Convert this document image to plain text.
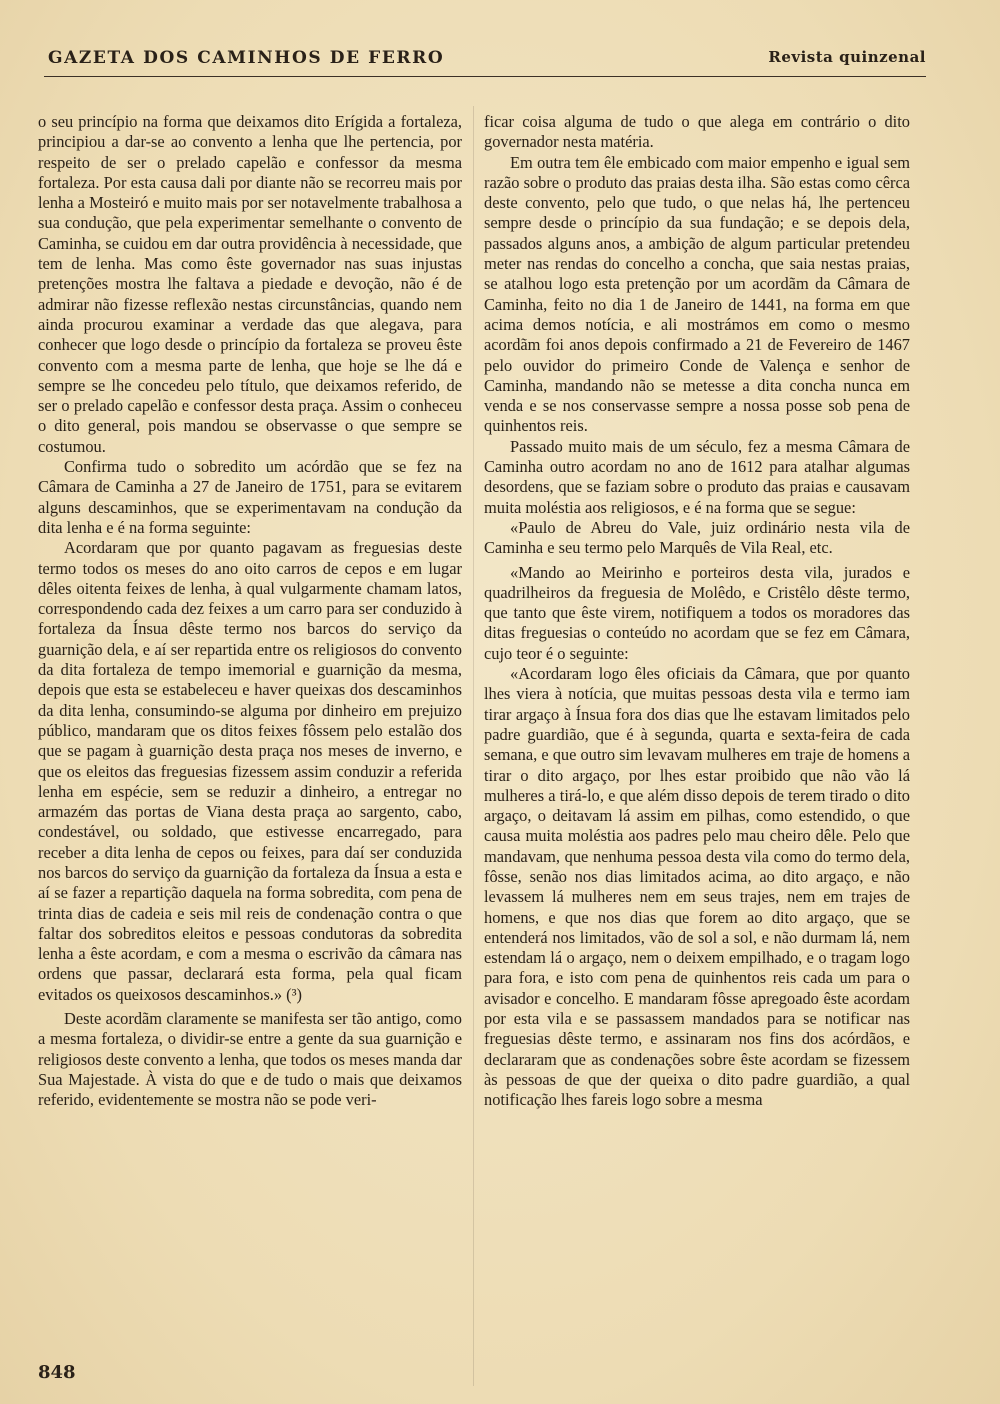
GAZETA DOS CAMINHOS DE FERRO	Revista quinzenal

o seu princípio na forma que deixamos dito Erígida a fortaleza, principiou a dar-se ao convento a lenha que lhe pertencia, por respeito de ser o prelado capelão e confessor da mesma fortaleza. Por esta causa dali por diante não se recorreu mais por lenha a Mosteiró e muito mais por ser notavelmente trabalhosa a sua condução, que pela experimentar semelhante o convento de Caminha, se cuidou em dar outra providência à necessidade, que tem de lenha. Mas como êste governador nas suas injustas pretenções mostra lhe faltava a piedade e devoção, não é de admirar não fizesse reflexão nestas circunstâncias, quando nem ainda procurou examinar a verdade das que alegava, para conhecer que logo desde o princípio da fortaleza se proveu êste convento com a mesma parte de lenha, que hoje se lhe dá e sempre se lhe concedeu pelo título, que deixamos referido, de ser o prelado capelão e confessor desta praça. Assim o conheceu o dito general, pois mandou se observasse o que sempre se costumou.

Confirma tudo o sobredito um acórdão que se fez na Câmara de Caminha a 27 de Janeiro de 1751, para se evitarem alguns descaminhos, que se experimentavam na condução da dita lenha e é na forma seguinte:

Acordaram que por quanto pagavam as freguesias deste termo todos os meses do ano oito carros de cepos e em lugar dêles oitenta feixes de lenha, à qual vulgarmente chamam latos, correspondendo cada dez feixes a um carro para ser conduzido à fortaleza da Ínsua dêste termo nos barcos do serviço da guarnição dela, e aí ser repartida entre os religiosos do convento da dita fortaleza de tempo imemorial e guarnição da mesma, depois que esta se estabeleceu e haver queixas dos descaminhos da dita lenha, consumindo-se alguma por dinheiro em prejuizo público, mandaram que os ditos feixes fôssem pelo estalão dos que se pagam à guarnição desta praça nos meses de inverno, e que os eleitos das freguesias fizessem assim conduzir a referida lenha em espécie, sem se reduzir a dinheiro, a entregar no armazém das portas de Viana desta praça ao sargento, cabo, condestável, ou soldado, que estivesse encarregado, para receber a dita lenha de cepos ou feixes, para daí ser conduzida nos barcos do serviço da guarnição da fortaleza da Ínsua a esta e aí se fazer a repartição daquela na forma sobredita, com pena de trinta dias de cadeia e seis mil reis de condenação contra o que faltar dos sobreditos eleitos e pessoas condutoras da sobredita lenha a êste acordam, e com a mesma o escrivão da câmara nas ordens que passar, declarará esta forma, pela qual ficam evitados os queixosos descaminhos.» (³)

Deste acordãm claramente se manifesta ser tão antigo, como a mesma fortaleza, o dividir-se entre a gente da sua guarnição e religiosos deste convento a lenha, que todos os meses manda dar Sua Majestade. À vista do que e de tudo o mais que deixamos referido, evidentemente se mostra não se pode veri-

ficar coisa alguma de tudo o que alega em contrário o dito governador nesta matéria.

Em outra tem êle embicado com maior empenho e igual sem razão sobre o produto das praias desta ilha. São estas como cêrca deste convento, pelo que tudo, o que nelas há, lhe pertenceu sempre desde o princípio da sua fundação; e se depois dela, passados alguns anos, a ambição de algum particular pretendeu meter nas rendas do concelho a concha, que saia nestas praias, se atalhou logo esta pretenção por um acordãm da Câmara de Caminha, feito no dia 1 de Janeiro de 1441, na forma em que acima demos notícia, e ali mostrámos em como o mesmo acordãm foi anos depois confirmado a 21 de Fevereiro de 1467 pelo ouvidor do primeiro Conde de Valença e senhor de Caminha, mandando não se metesse a dita concha nunca em venda e se nos conservasse sempre a nossa posse sob pena de quinhentos reis.

Passado muito mais de um século, fez a mesma Câmara de Caminha outro acordam no ano de 1612 para atalhar algumas desordens, que se faziam sobre o produto das praias e causavam muita moléstia aos religiosos, e é na forma que se segue:

«Paulo de Abreu do Vale, juiz ordinário nesta vila de Caminha e seu termo pelo Marquês de Vila Real, etc.

«Mando ao Meirinho e porteiros desta vila, jurados e quadrilheiros da freguesia de Molêdo, e Cristêlo dêste termo, que tanto que êste virem, notifiquem a todos os moradores das ditas freguesias o conteúdo no acordam que se fez em Câmara, cujo teor é o seguinte:

«Acordaram logo êles oficiais da Câmara, que por quanto lhes viera à notícia, que muitas pessoas desta vila e termo iam tirar argaço à Ínsua fora dos dias que lhe estavam limitados pelo padre guardião, que é à segunda, quarta e sexta-feira de cada semana, e que outro sim levavam mulheres em traje de homens a tirar o dito argaço, por lhes estar proibido que não vão lá mulheres a tirá-lo, e que além disso depois de terem tirado o dito argaço, o deitavam lá assim em pilhas, como estendido, o que causa muita moléstia aos padres pelo mau cheiro dêle. Pelo que mandavam, que nenhuma pessoa desta vila como do termo dela, fôsse, senão nos dias limitados acima, ao dito argaço, e não levassem lá mulheres nem em seus trajes, nem em trajes de homens, e que nos dias que forem ao dito argaço, que se entenderá nos limitados, vão de sol a sol, e não durmam lá, nem estendam lá o argaço, nem o deixem empilhado, e o tragam logo para fora, e isto com pena de quinhentos reis cada um para o avisador e concelho. E mandaram fôsse apregoado êste acordam por esta vila e se passassem mandados para se notificar nas freguesias dêste termo, e assinaram nos fins dos acórdãos, e declararam que as condenações sobre êste acordam se fizessem às pessoas de que der queixa o dito padre guardião, a qual notificação lhes fareis logo sobre a mesma

848
